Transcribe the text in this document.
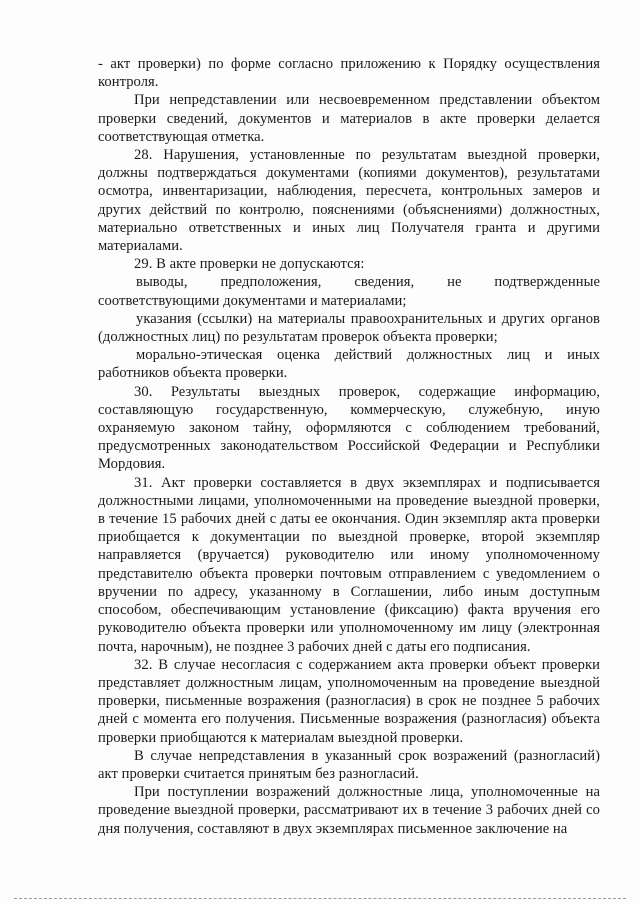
- акт проверки) по форме согласно приложению к Порядку осуществления контроля.

При непредставлении или несвоевременном представлении объектом проверки сведений, документов и материалов в акте проверки делается соответствующая отметка.

28. Нарушения, установленные по результатам выездной проверки, должны подтверждаться документами (копиями документов), результатами осмотра, инвентаризации, наблюдения, пересчета, контрольных замеров и других действий по контролю, пояснениями (объяснениями) должностных, материально ответственных и иных лиц Получателя гранта и другими материалами.

29. В акте проверки не допускаются:

выводы, предположения, сведения, не подтвержденные соответствующими документами и материалами;

указания (ссылки) на материалы правоохранительных и других органов (должностных лиц) по результатам проверок объекта проверки;

морально-этическая оценка действий должностных лиц и иных работников объекта проверки.

30. Результаты выездных проверок, содержащие информацию, составляющую государственную, коммерческую, служебную, иную охраняемую законом тайну, оформляются с соблюдением требований, предусмотренных законодательством Российской Федерации и Республики Мордовия.

31. Акт проверки составляется в двух экземплярах и подписывается должностными лицами, уполномоченными на проведение выездной проверки, в течение 15 рабочих дней с даты ее окончания. Один экземпляр акта проверки приобщается к документации по выездной проверке, второй экземпляр направляется (вручается) руководителю или иному уполномоченному представителю объекта проверки почтовым отправлением с уведомлением о вручении по адресу, указанному в Соглашении, либо иным доступным способом, обеспечивающим установление (фиксацию) факта вручения его руководителю объекта проверки или уполномоченному им лицу (электронная почта, нарочным), не позднее 3 рабочих дней с даты его подписания.

32. В случае несогласия с содержанием акта проверки объект проверки представляет должностным лицам, уполномоченным на проведение выездной проверки, письменные возражения (разногласия) в срок не позднее 5 рабочих дней с момента его получения. Письменные возражения (разногласия) объекта проверки приобщаются к материалам выездной проверки.

В случае непредставления в указанный срок возражений (разногласий) акт проверки считается принятым без разногласий.

При поступлении возражений должностные лица, уполномоченные на проведение выездной проверки, рассматривают их в течение 3 рабочих дней со дня получения, составляют в двух экземплярах письменное заключение на
